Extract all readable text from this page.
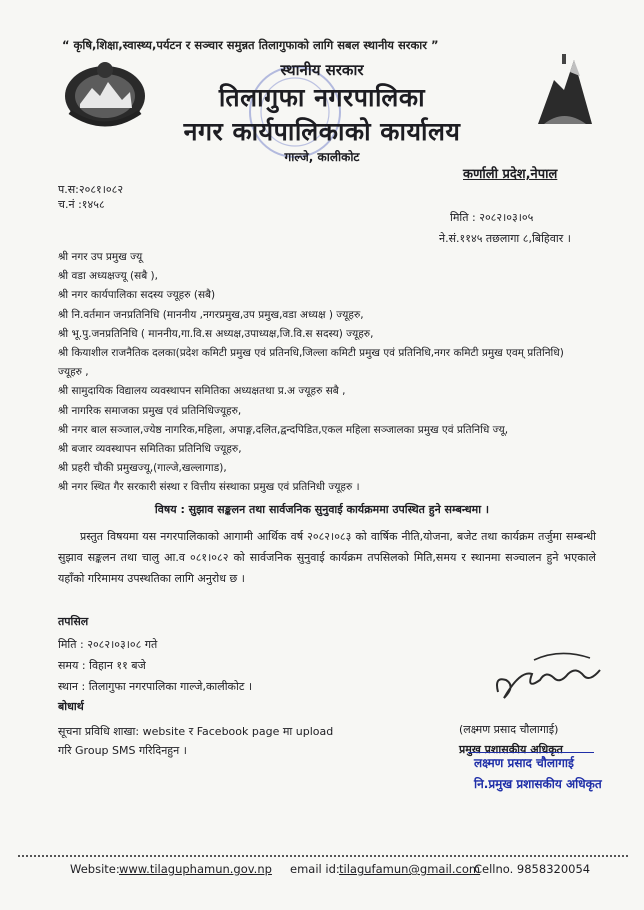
“ कृषि,शिक्षा,स्वास्थ्य,पर्यटन र सञ्चार समुन्नत तिलागुफाको लागि सबल स्थानीय सरकार ”
स्थानीय सरकार
तिलागुफा नगरपालिका
नगर कार्यपालिकाको कार्यालय
गाल्जे, कालीकोट
कर्णाली प्रदेश,नेपाल
प.स:२०८१।०८२
च.नं :१४५८
मिति : २०८२।०३।०५
ने.सं.११४५ तछलागा ८,बिहिवार ।
श्री नगर उप प्रमुख ज्यू
श्री वडा अध्यक्षज्यू (सबै ),
श्री नगर कार्यपालिका सदस्य ज्यूहरु (सबै)
श्री नि.वर्तमान जनप्रतिनिधि (माननीय ,नगरप्रमुख,उप प्रमुख,वडा अध्यक्ष ) ज्यूहरु,
श्री भू.पु.जनप्रतिनिधि ( माननीय,गा.वि.स अध्यक्ष,उपाध्यक्ष,जि.वि.स सदस्य) ज्यूहरु,
श्री कियाशील राजनैतिक दलका(प्रदेश कमिटी प्रमुख एवं प्रतिनधि,जिल्ला कमिटी प्रमुख एवं प्रतिनिधि,नगर कमिटी प्रमुख एवम् प्रतिनिधि) ज्यूहरु ,
श्री सामुदायिक विद्यालय व्यवस्थापन समितिका अध्यक्षतथा प्र.अ ज्यूहरु सबै ,
श्री नागरिक समाजका प्रमुख एवं प्रतिनिधिज्यूहरु,
श्री नगर बाल सञ्जाल,ज्येष्ठ नागरिक,महिला, अपाङ्ग,दलित,द्वन्दपिडित,एकल महिला सञ्जालका प्रमुख एवं प्रतिनिधि ज्यू,
श्री बजार व्यवस्थापन समितिका प्रतिनिधि ज्यूहरु,
श्री प्रहरी चौकी प्रमुखज्यू,(गाल्जे,खल्लागाड),
श्री नगर स्थित गैर सरकारी संस्था र वित्तीय संस्थाका प्रमुख एवं प्रतिनिधी ज्यूहरु ।
विषय : सुझाव सङ्कलन तथा सार्वजनिक सुनुवाई कार्यक्रममा उपस्थित हुने सम्बन्धमा ।
प्रस्तुत विषयमा यस नगरपालिकाको आगामी आर्थिक वर्ष २०८२।०८३ को वार्षिक नीति,योजना, बजेट तथा कार्यक्रम तर्जुमा सम्बन्धी सुझाव सङ्कलन तथा चालु आ.व ०८१।०८२ को सार्वजनिक सुनुवाई कार्यक्रम तपसिलको मिति,समय र स्थानमा सञ्चालन हुने भएकाले यहाँको गरिमामय उपस्थतिका लागि अनुरोध छ ।
तपसिल
मिति : २०८२।०३।०८ गते
समय : विहान ११ बजे
स्थान : तिलागुफा नगरपालिका गाल्जे,कालीकोट ।
बोधार्थ
सूचना प्रविधि शाखा: website र Facebook page मा upload
गरि Group SMS गरिदिनहुन ।
(लक्ष्मण प्रसाद चौलागाई)
प्रमुख प्रशासकीय अधिकृत
लक्ष्मण प्रसाद चौलागाई
नि.प्रमुख प्रशासकीय अधिकृत
Website: www.tilaguphamun.gov.np email id: tilagufamun@gmail.com
Cellno. 9858320054
